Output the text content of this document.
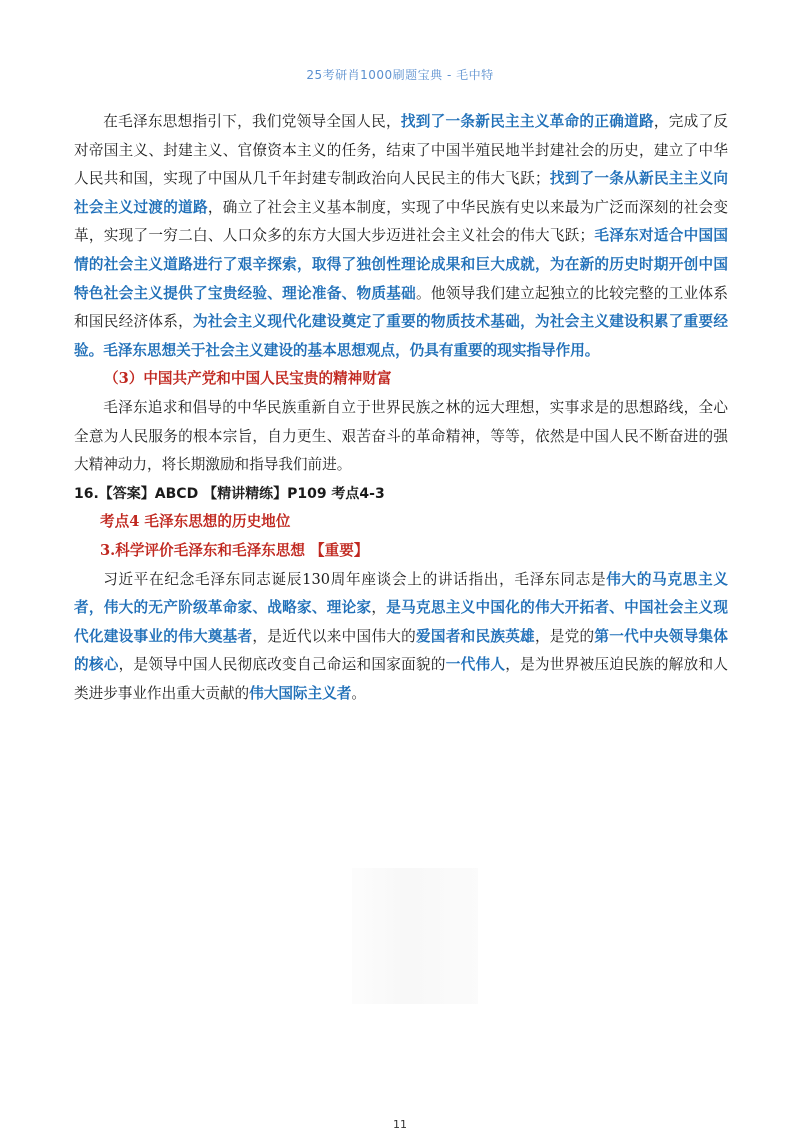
25考研肖1000刷题宝典 - 毛中特

在毛泽东思想指引下，我们党领导全国人民，找到了一条新民主主义革命的正确道路，完成了反对帝国主义、封建主义、官僚资本主义的任务，结束了中国半殖民地半封建社会的历史，建立了中华人民共和国，实现了中国从几千年封建专制政治向人民民主的伟大飞跃；找到了一条从新民主主义向社会主义过渡的道路，确立了社会主义基本制度，实现了中华民族有史以来最为广泛而深刻的社会变革，实现了一穷二白、人口众多的东方大国大步迈进社会主义社会的伟大飞跃；毛泽东对适合中国国情的社会主义道路进行了艰辛探索，取得了独创性理论成果和巨大成就，为在新的历史时期开创中国特色社会主义提供了宝贵经验、理论准备、物质基础。他领导我们建立起独立的比较完整的工业体系和国民经济体系，为社会主义现代化建设奠定了重要的物质技术基础，为社会主义建设积累了重要经验。毛泽东思想关于社会主义建设的基本思想观点，仍具有重要的现实指导作用。

（3）中国共产党和中国人民宝贵的精神财富

毛泽东追求和倡导的中华民族重新自立于世界民族之林的远大理想，实事求是的思想路线，全心全意为人民服务的根本宗旨，自力更生、艰苦奋斗的革命精神，等等，依然是中国人民不断奋进的强大精神动力，将长期激励和指导我们前进。

16.【答案】ABCD 【精讲精练】P109 考点4-3

考点4 毛泽东思想的历史地位

3.科学评价毛泽东和毛泽东思想 【重要】

习近平在纪念毛泽东同志诞辰130周年座谈会上的讲话指出，毛泽东同志是伟大的马克思主义者，伟大的无产阶级革命家、战略家、理论家，是马克思主义中国化的伟大开拓者、中国社会主义现代化建设事业的伟大奠基者，是近代以来中国伟大的爱国者和民族英雄，是党的第一代中央领导集体的核心，是领导中国人民彻底改变自己命运和国家面貌的一代伟人，是为世界被压迫民族的解放和人类进步事业作出重大贡献的伟大国际主义者。

11
